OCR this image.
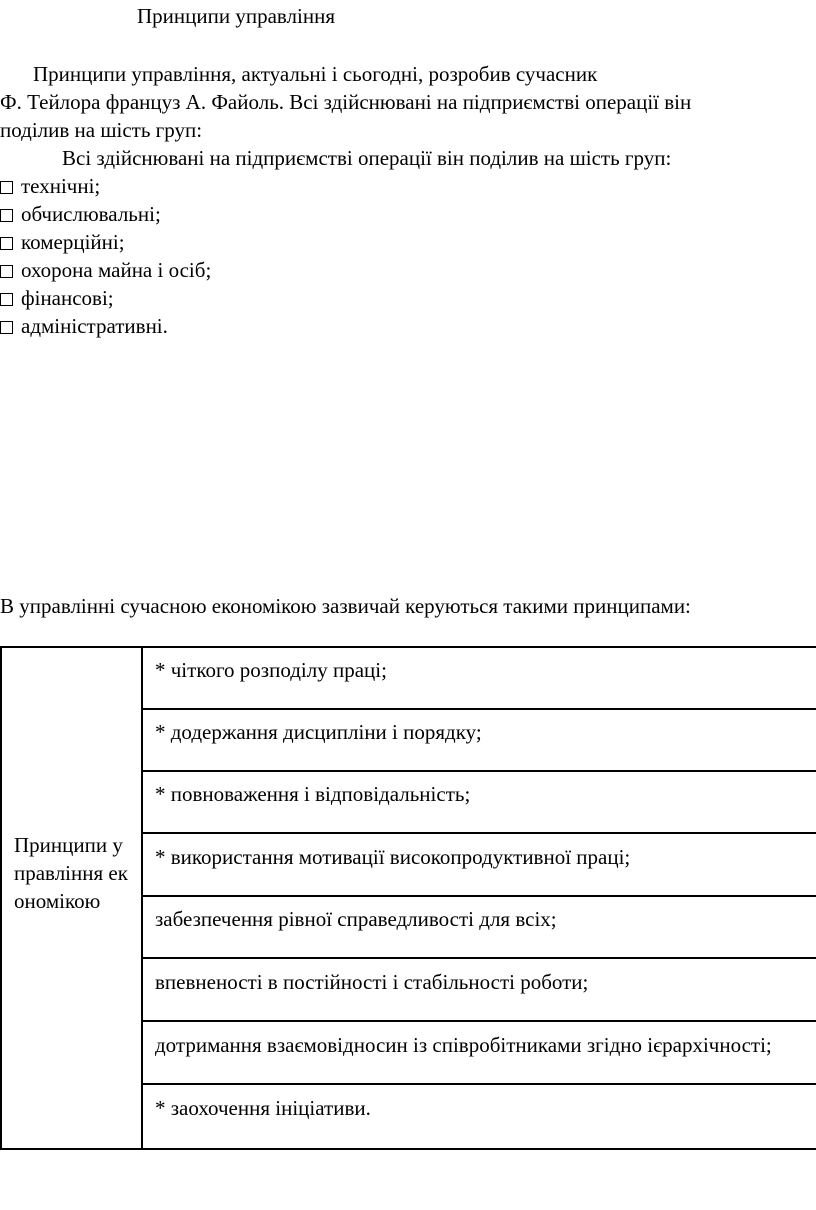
Принципи управління
Принципи управління, актуальні і сьогодні, розробив сучасник
Ф. Тейлора француз А. Файоль. Всі здійснювані на підприємстві операції він
поділив на шість груп:
Всі здійснювані на підприємстві операції він поділив на шість груп:
технічні;
обчислювальні;
комерційні;
охорона майна і осіб;
фінансові;
адміністративні.
В управлінні сучасною економікою зазвичай керуються такими принципами:
Принципи управління економікою
* чіткого розподілу праці;
* додержання дисципліни і порядку;
* повноваження і відповідальність;
* використання мотивації високопродуктивної праці;
забезпечення рівної справедливості для всіх;
впевненості в постійності і стабільності роботи;
дотримання взаємовідносин із співробітниками згідно ієрархічності;
* заохочення ініціативи.
